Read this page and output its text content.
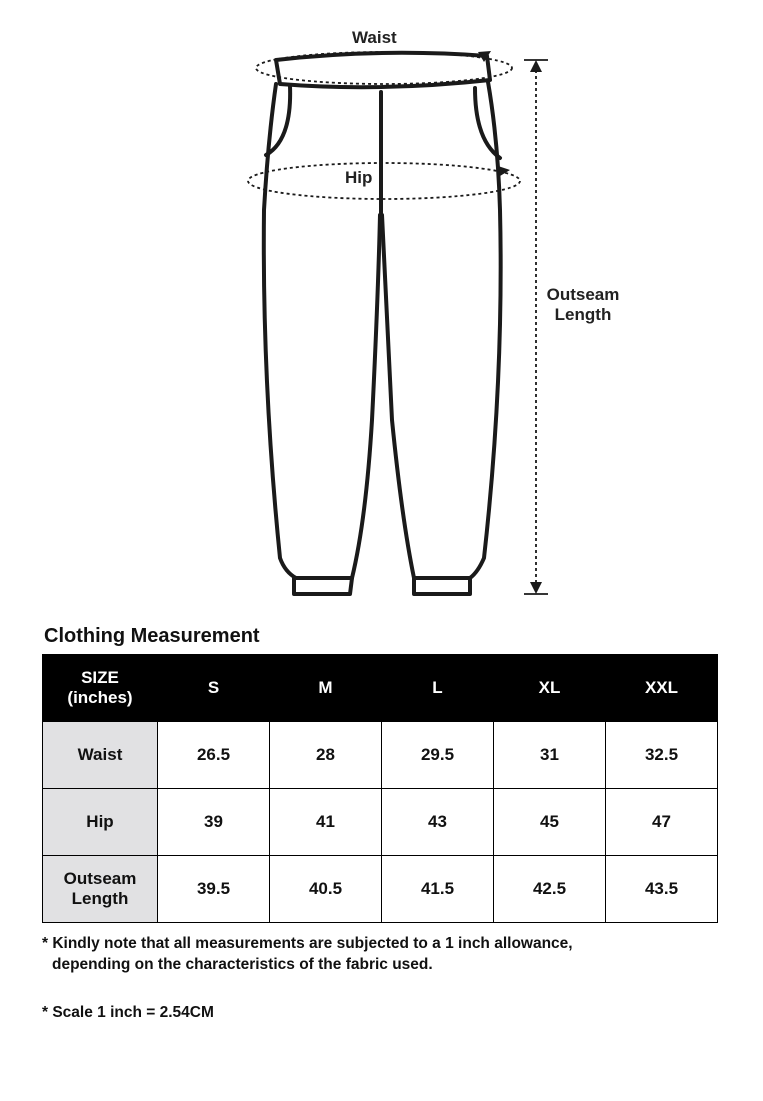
Waist
Hip
Outseam
Length
Clothing Measurement
SIZE
(inches)	S	M	L	XL	XXL
Waist	26.5	28	29.5	31	32.5
Hip	39	41	43	45	47
Outseam
Length	39.5	40.5	41.5	42.5	43.5
* Kindly note that all measurements are subjected to a 1 inch allowance,
depending on the characteristics of the fabric used.
* Scale 1 inch = 2.54CM
